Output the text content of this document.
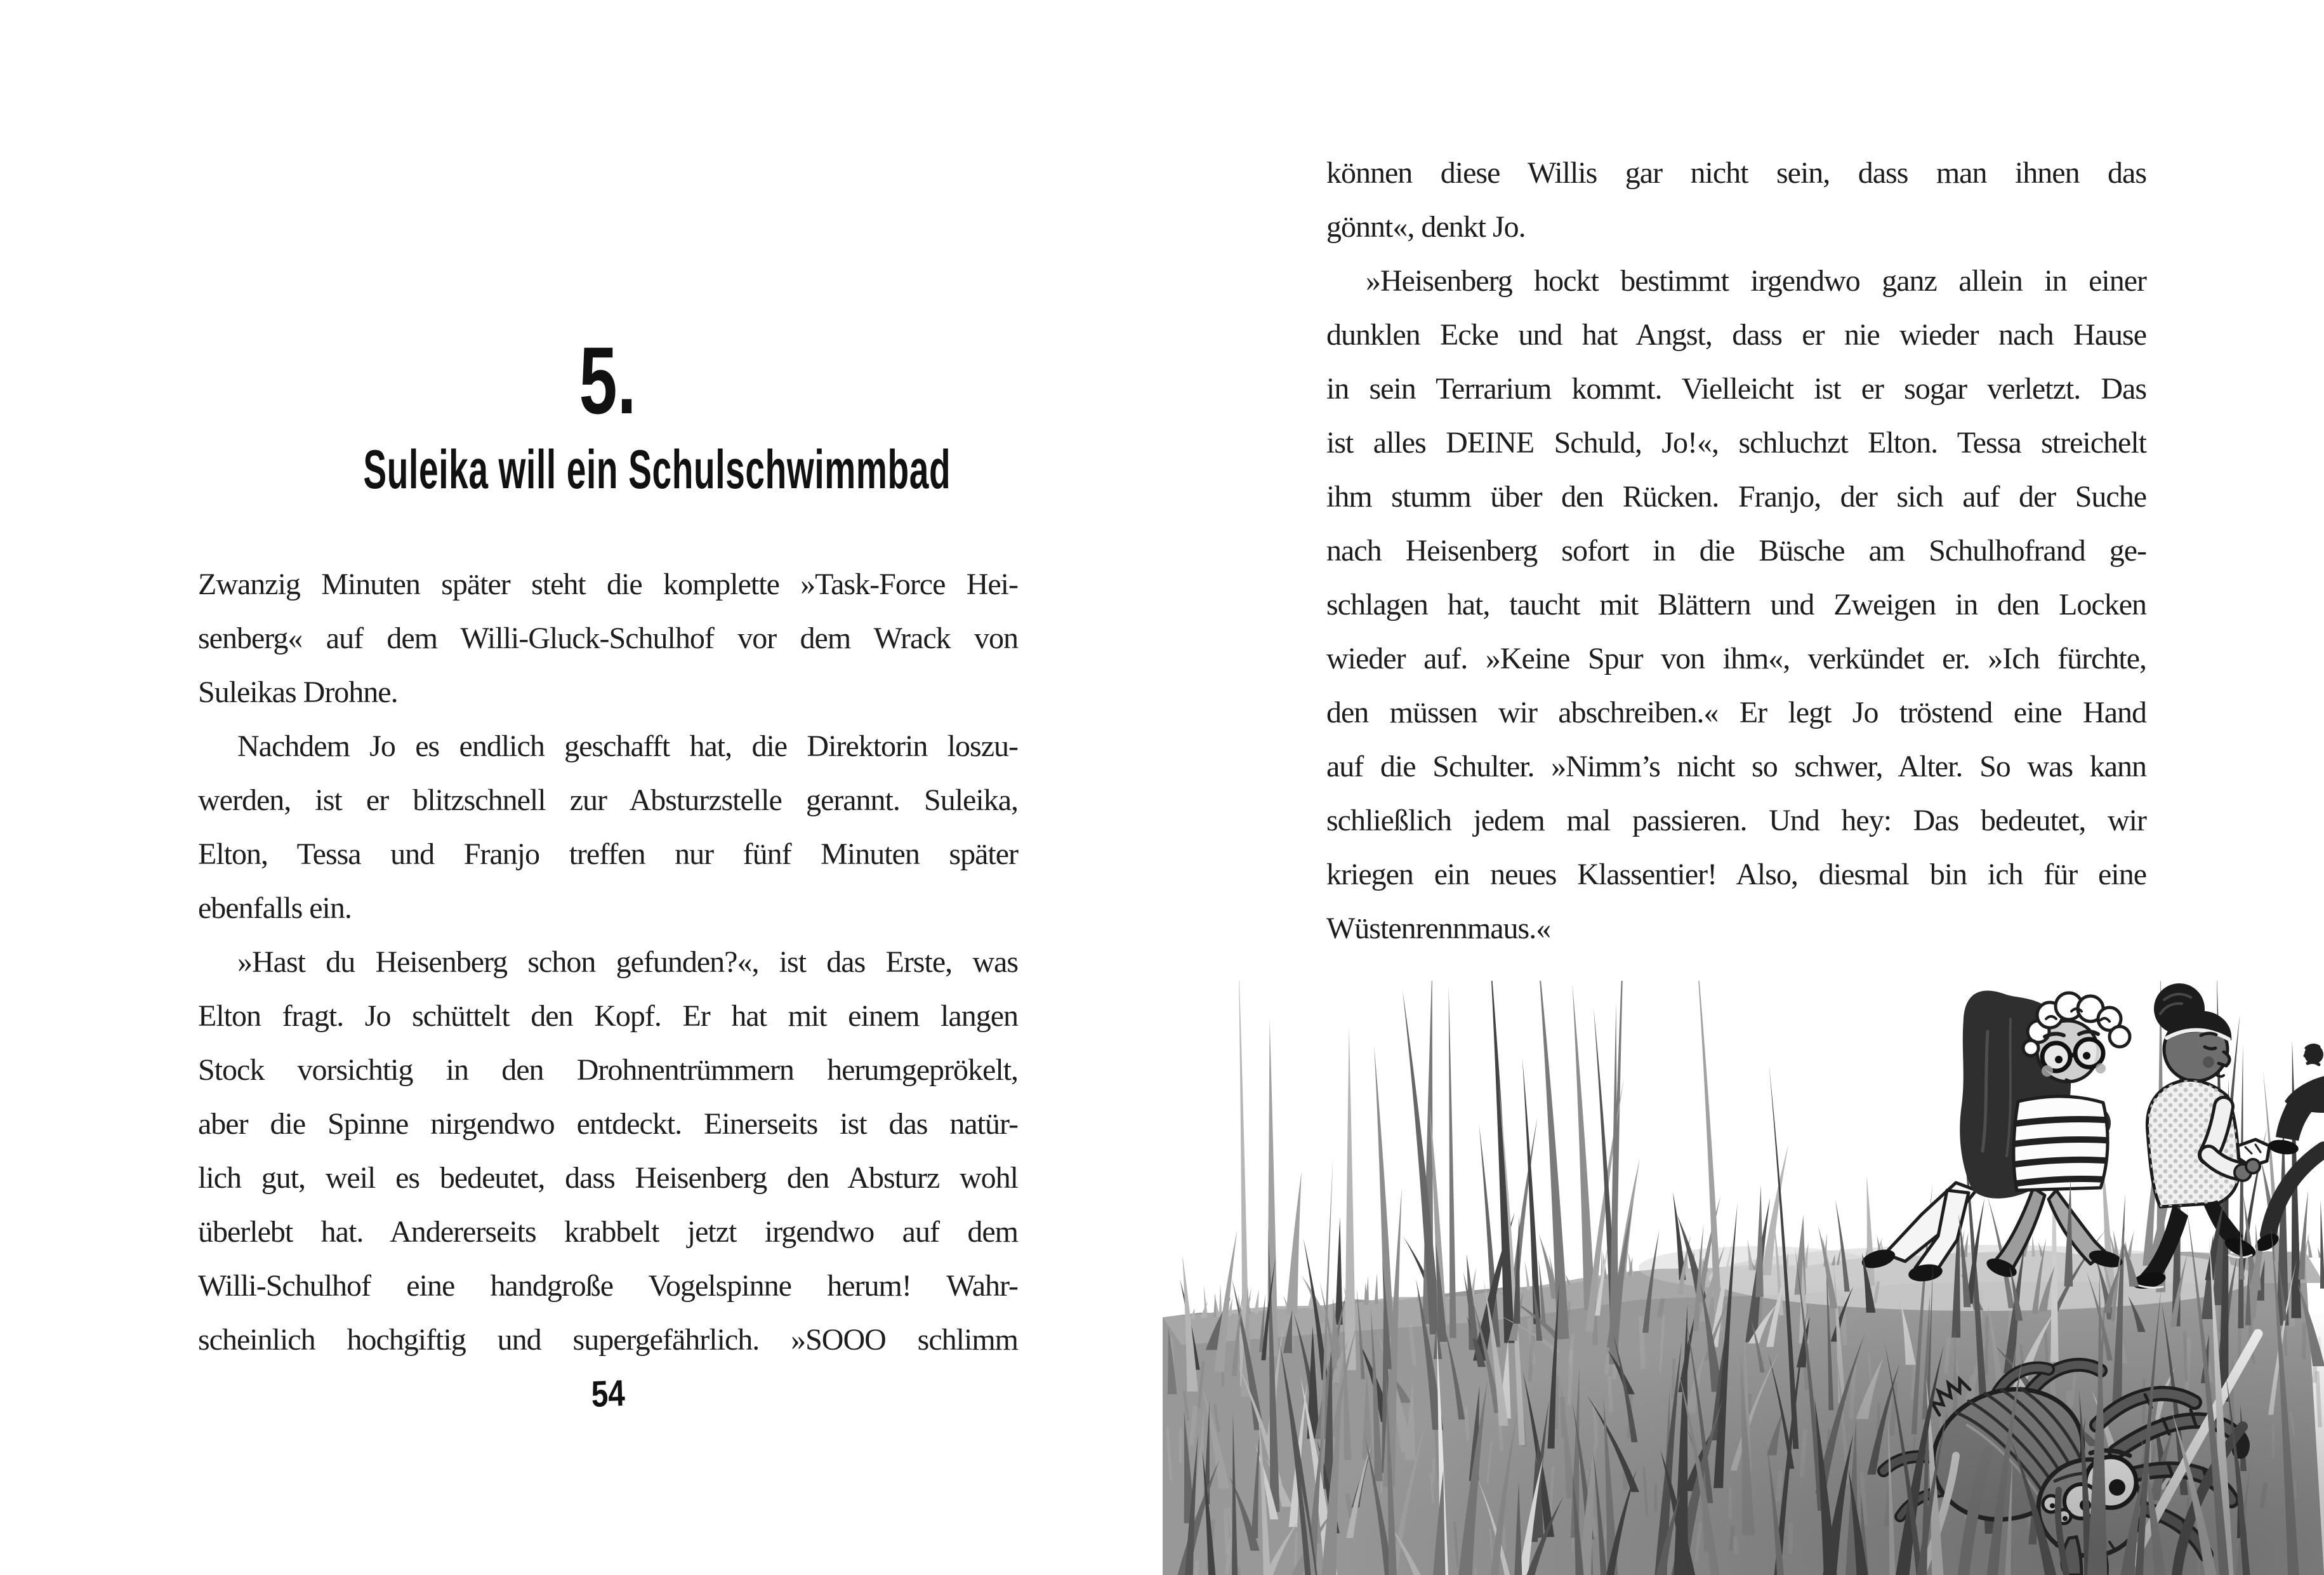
5.
Suleika will ein Schulschwimmbad
Zwanzig Minuten später steht die komplette »Task-Force Hei-
senberg« auf dem Willi-Gluck-Schulhof vor dem Wrack von
Suleikas Drohne.
Nachdem Jo es endlich geschafft hat, die Direktorin loszu-
werden, ist er blitzschnell zur Absturzstelle gerannt. Suleika,
Elton, Tessa und Franjo treffen nur fünf Minuten später
ebenfalls ein.
»Hast du Heisenberg schon gefunden?«, ist das Erste, was
Elton fragt. Jo schüttelt den Kopf. Er hat mit einem langen
Stock vorsichtig in den Drohnentrümmern herumgeprökelt,
aber die Spinne nirgendwo entdeckt. Einerseits ist das natür-
lich gut, weil es bedeutet, dass Heisenberg den Absturz wohl
überlebt hat. Andererseits krabbelt jetzt irgendwo auf dem
Willi-Schulhof eine handgroße Vogelspinne herum! Wahr-
scheinlich hochgiftig und supergefährlich. »SOOO schlimm
54
können diese Willis gar nicht sein, dass man ihnen das
gönnt«, denkt Jo.
»Heisenberg hockt bestimmt irgendwo ganz allein in einer
dunklen Ecke und hat Angst, dass er nie wieder nach Hause
in sein Terrarium kommt. Vielleicht ist er sogar verletzt. Das
ist alles DEINE Schuld, Jo!«, schluchzt Elton. Tessa streichelt
ihm stumm über den Rücken. Franjo, der sich auf der Suche
nach Heisenberg sofort in die Büsche am Schulhofrand ge-
schlagen hat, taucht mit Blättern und Zweigen in den Locken
wieder auf. »Keine Spur von ihm«, verkündet er. »Ich fürchte,
den müssen wir abschreiben.« Er legt Jo tröstend eine Hand
auf die Schulter. »Nimm’s nicht so schwer, Alter. So was kann
schließlich jedem mal passieren. Und hey: Das bedeutet, wir
kriegen ein neues Klassentier! Also, diesmal bin ich für eine
Wüstenrennmaus.«
